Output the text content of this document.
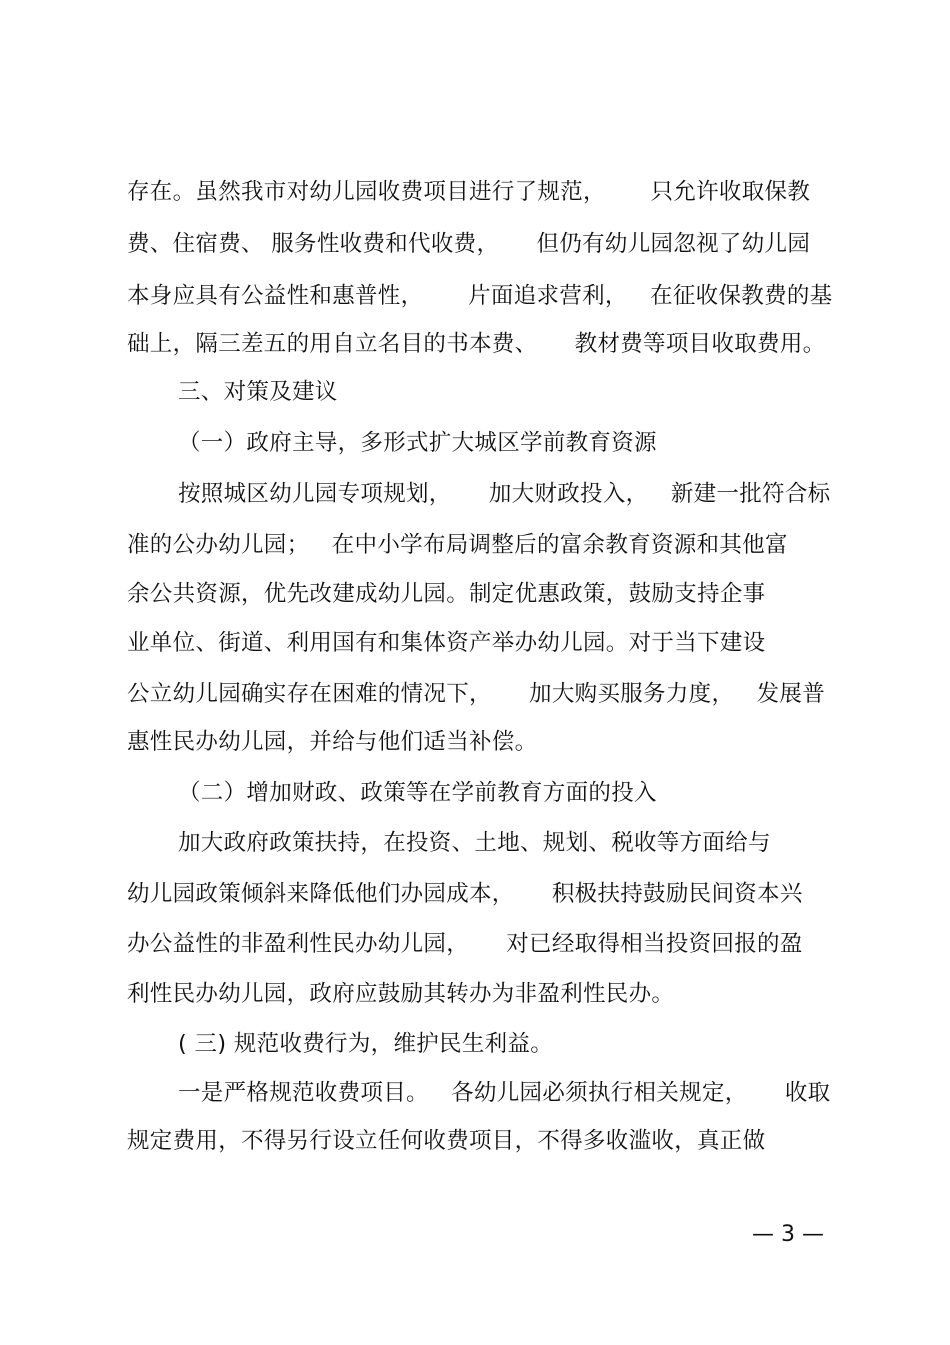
存在。虽然我市对幼儿园收费项目进行了规范，      只允许收取保教
费、住宿费、 服务性收费和代收费，     但仍有幼儿园忽视了幼儿园
本身应具有公益性和惠普性，      片面追求营利，   在征收保教费的基
础上，隔三差五的用自立名目的书本费、     教材费等项目收取费用。
三、对策及建议
（一）政府主导，多形式扩大城区学前教育资源
按照城区幼儿园专项规划，     加大财政投入，   新建一批符合标
准的公办幼儿园；   在中小学布局调整后的富余教育资源和其他富
余公共资源，优先改建成幼儿园。制定优惠政策，鼓励支持企事
业单位、街道、利用国有和集体资产举办幼儿园。对于当下建设
公立幼儿园确实存在困难的情况下，     加大购买服务力度，   发展普
惠性民办幼儿园，并给与他们适当补偿。
（二）增加财政、政策等在学前教育方面的投入
加大政府政策扶持，在投资、土地、规划、税收等方面给与
幼儿园政策倾斜来降低他们办园成本，     积极扶持鼓励民间资本兴
办公益性的非盈利性民办幼儿园，     对已经取得相当投资回报的盈
利性民办幼儿园，政府应鼓励其转办为非盈利性民办。
( 三) 规范收费行为，维护民生利益。
一是严格规范收费项目。   各幼儿园必须执行相关规定，     收取
规定费用，不得另行设立任何收费项目，不得多收滥收，真正做
— 3 —
